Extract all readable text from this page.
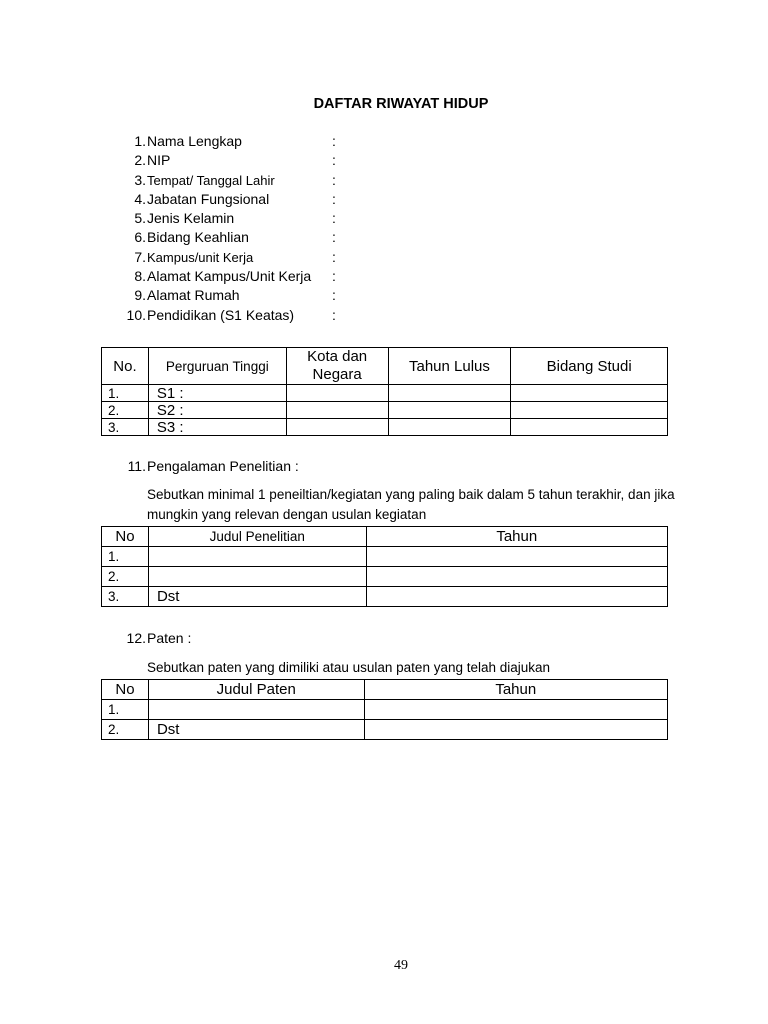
DAFTAR RIWAYAT HIDUP
1. Nama Lengkap	:
2. NIP	:
3. Tempat/ Tanggal Lahir	:
4. Jabatan Fungsional	:
5. Jenis Kelamin	:
6. Bidang Keahlian	:
7. Kampus/unit Kerja	:
8. Alamat Kampus/Unit Kerja :
9. Alamat Rumah	:
10. Pendidikan (S1 Keatas)	:
No.	Perguruan Tinggi	Kota dan Negara	Tahun Lulus	Bidang Studi
1.	S1 :			
2.	S2 :			
3.	S3 :			
11. Pengalaman Penelitian :
Sebutkan minimal 1 peneiltian/kegiatan yang paling baik dalam 5 tahun terakhir, dan jika
mungkin yang relevan dengan usulan kegiatan
No	Judul Penelitian	Tahun
1.		
2.		
3.	Dst	
12. Paten :
Sebutkan paten yang dimiliki atau usulan paten yang telah diajukan
No	Judul Paten	Tahun
1.		
2.	Dst	
49
